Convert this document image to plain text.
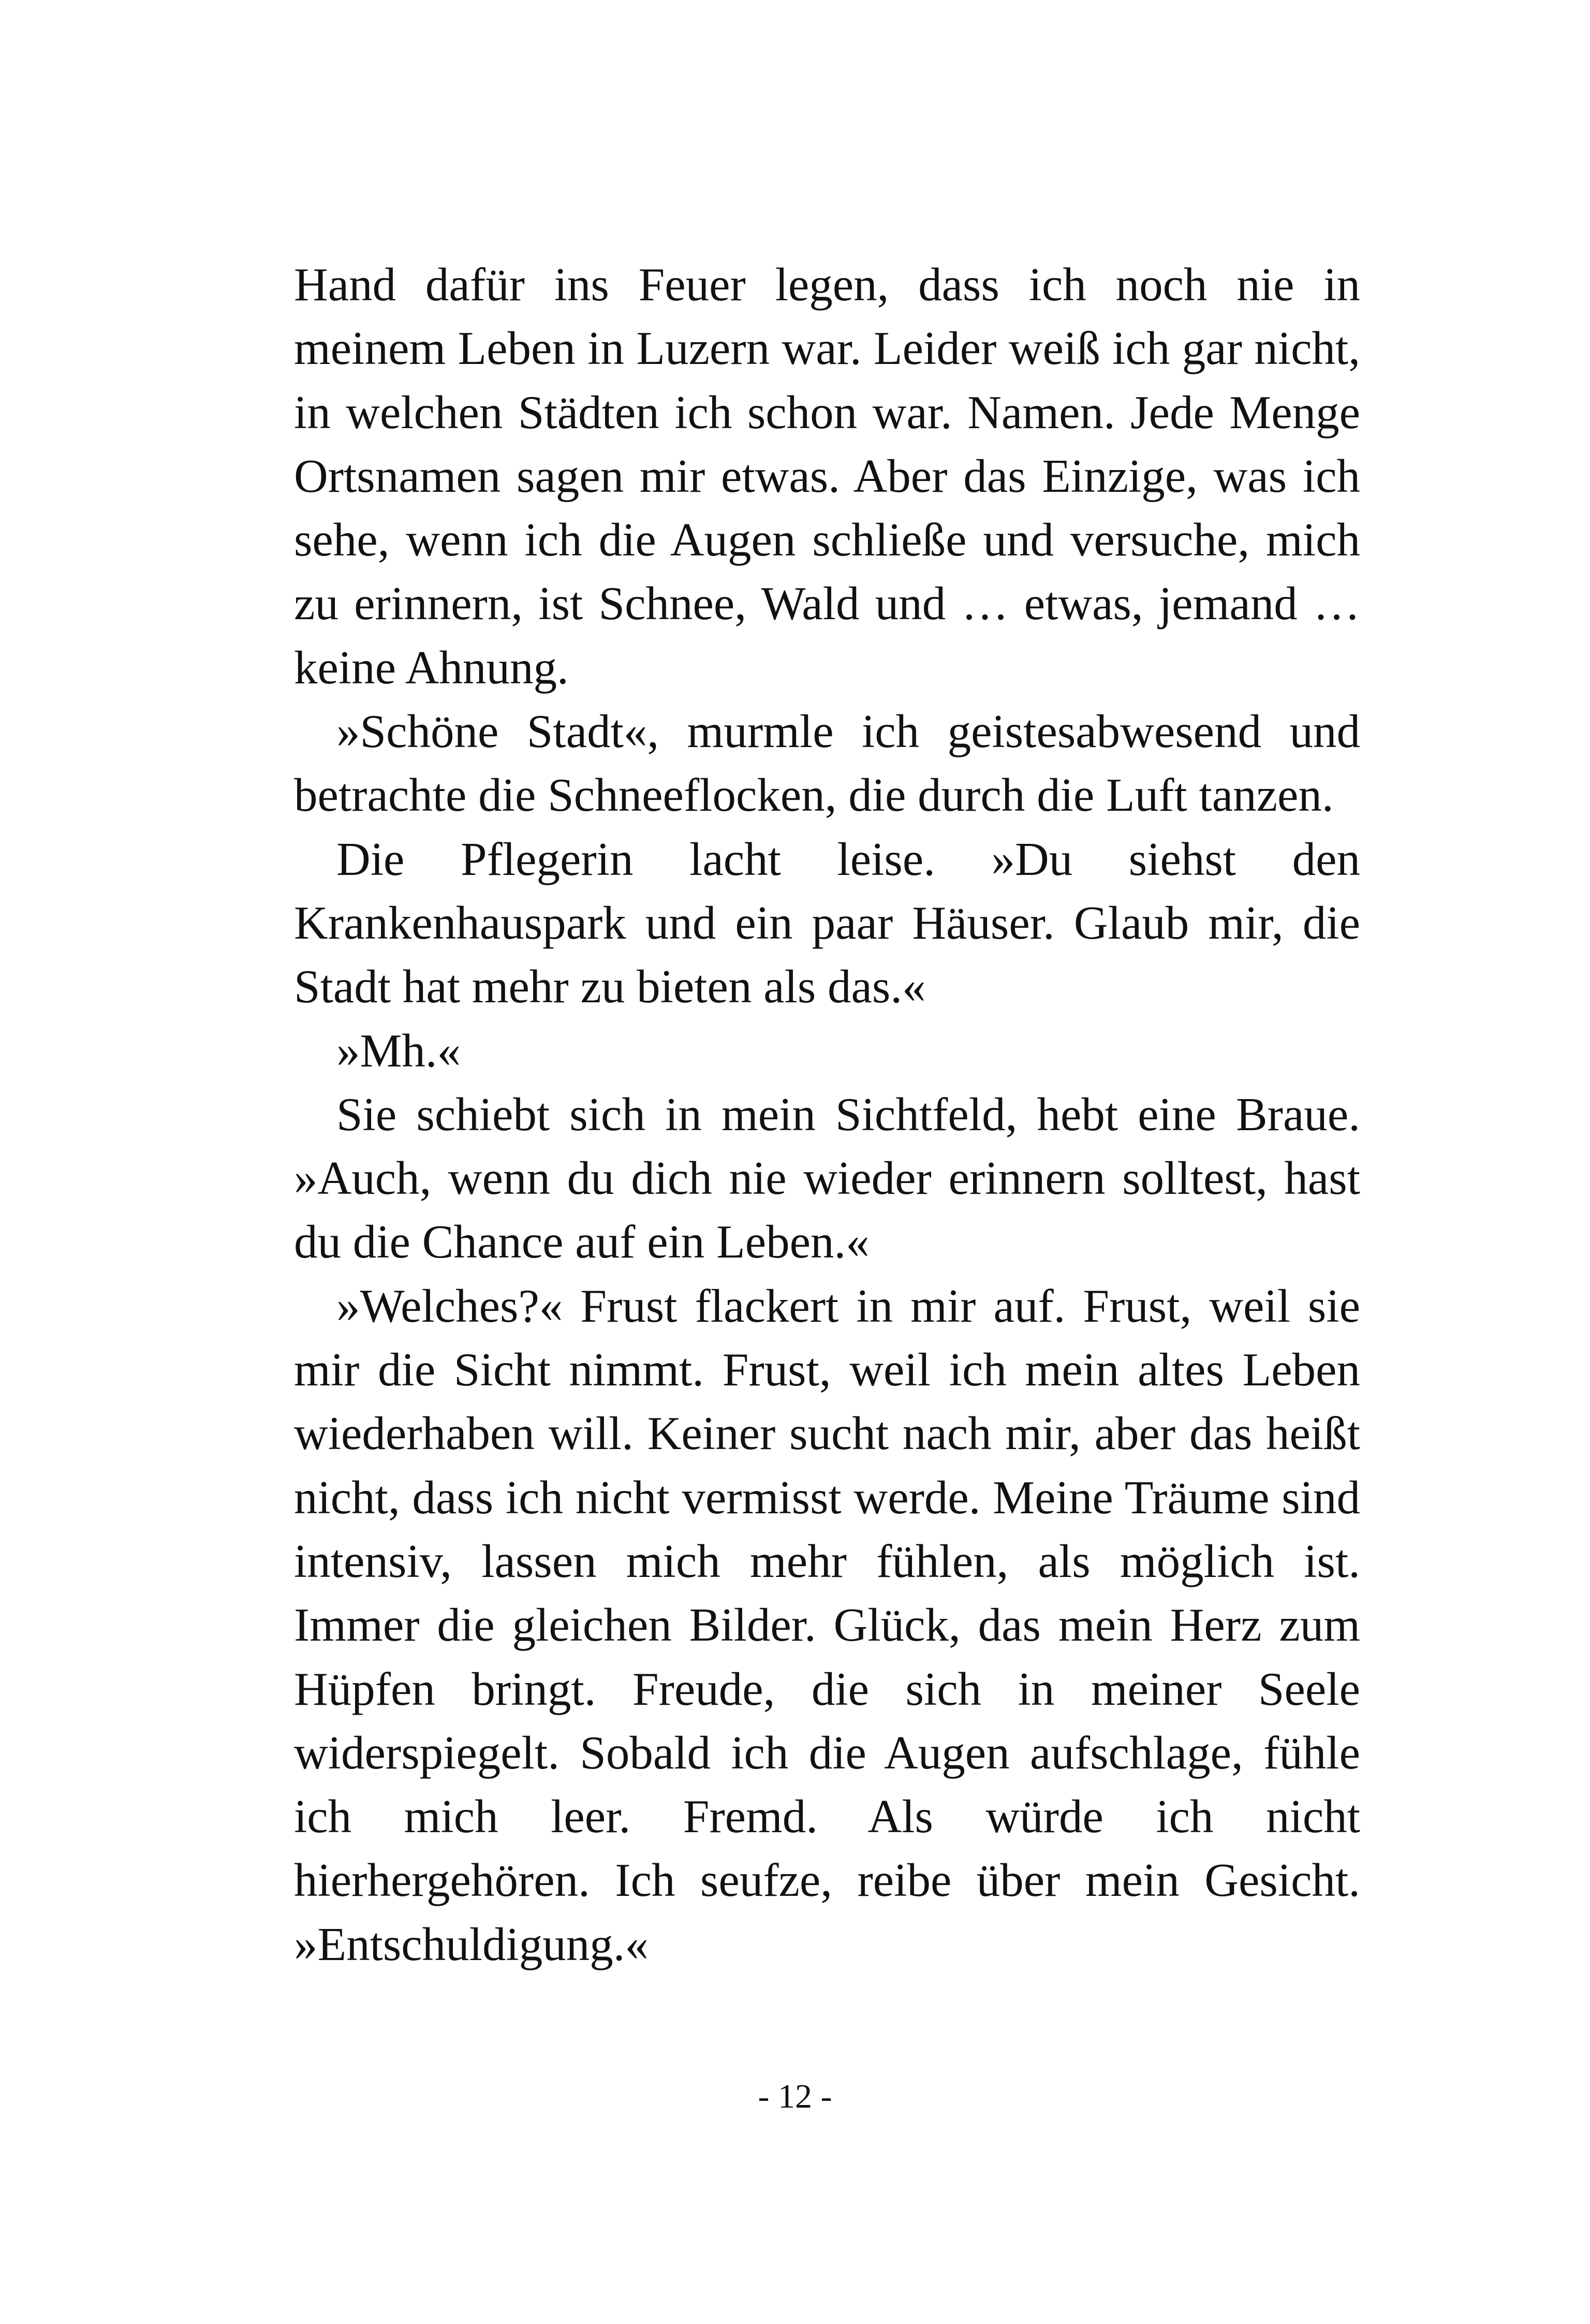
Hand dafür ins Feuer legen, dass ich noch nie in meinem Leben in Luzern war. Leider weiß ich gar nicht, in welchen Städten ich schon war. Namen. Jede Menge Ortsnamen sagen mir etwas. Aber das Einzige, was ich sehe, wenn ich die Augen schließe und versuche, mich zu erinnern, ist Schnee, Wald und … etwas, jemand … keine Ahnung.

»Schöne Stadt«, murmle ich geistesabwesend und betrachte die Schneeflocken, die durch die Luft tanzen.

Die Pflegerin lacht leise. »Du siehst den Krankenhauspark und ein paar Häuser. Glaub mir, die Stadt hat mehr zu bieten als das.«

»Mh.«

Sie schiebt sich in mein Sichtfeld, hebt eine Braue. »Auch, wenn du dich nie wieder erinnern solltest, hast du die Chance auf ein Leben.«

»Welches?« Frust flackert in mir auf. Frust, weil sie mir die Sicht nimmt. Frust, weil ich mein altes Leben wiederhaben will. Keiner sucht nach mir, aber das heißt nicht, dass ich nicht vermisst werde. Meine Träume sind intensiv, lassen mich mehr fühlen, als möglich ist. Immer die gleichen Bilder. Glück, das mein Herz zum Hüpfen bringt. Freude, die sich in meiner Seele widerspiegelt. Sobald ich die Augen aufschlage, fühle ich mich leer. Fremd. Als würde ich nicht hierhergehören. Ich seufze, reibe über mein Gesicht. »Entschuldigung.«

- 12 -
